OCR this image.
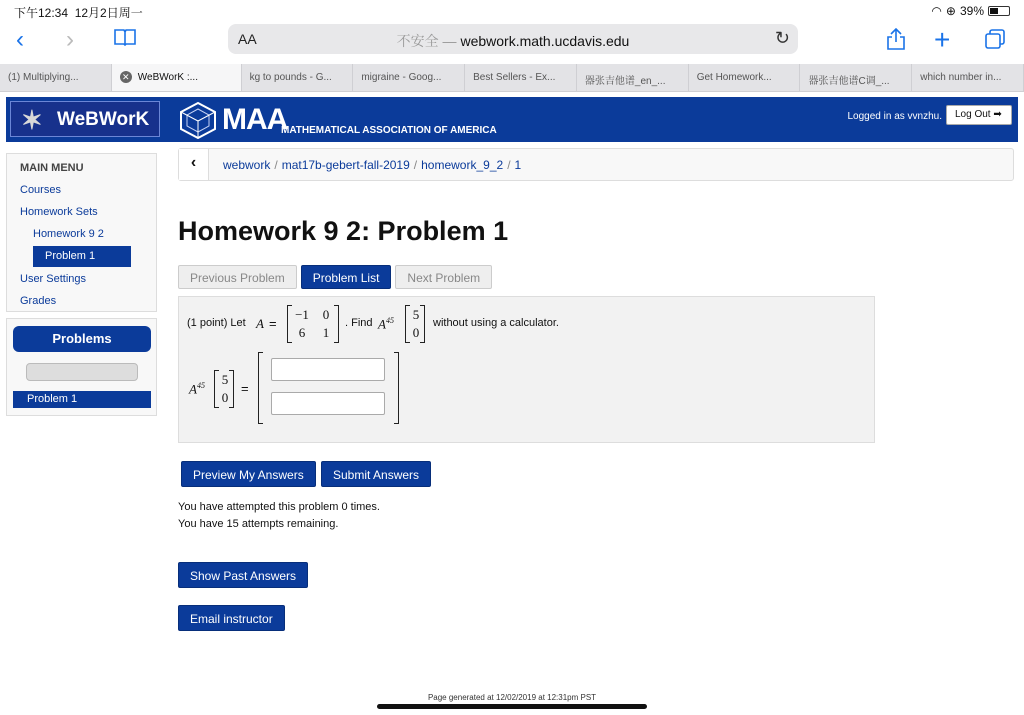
下午12:34 12月2日周一	◠ ⊕ 39%
‹ ›	+
AA	不安全 — webwork.math.ucdavis.edu	↻
(1) Multiplying...	✕ WeBWorK :...	kg to pounds - G...	migraine - Goog...	Best Sellers - Ex...	器张吉他谱_en_...	Get Homework...	器张吉他谱C调_...	which number in...
✶ WeBWorK	MAA
MATHEMATICAL ASSOCIATION OF AMERICA
Logged in as vvnzhu.	Log Out ➡
MAIN MENU
Courses
Homework Sets
Homework 9 2
Problem 1
User Settings
Grades
Problems
Problem 1
‹	webwork / mat17b-gebert-fall-2019 / homework_9_2 / 1
Homework 9 2: Problem 1
Previous Problem	Problem List	Next Problem
(1 point) Let A =
−1	0
6	1
. Find $A^{45}$	5
0
without using a calculator.
$A^{45}$	5
0
=
Preview My Answers	Submit Answers
You have attempted this problem 0 times.
You have 15 attempts remaining.
Show Past Answers
Email instructor
Page generated at 12/02/2019 at 12:31pm PST
